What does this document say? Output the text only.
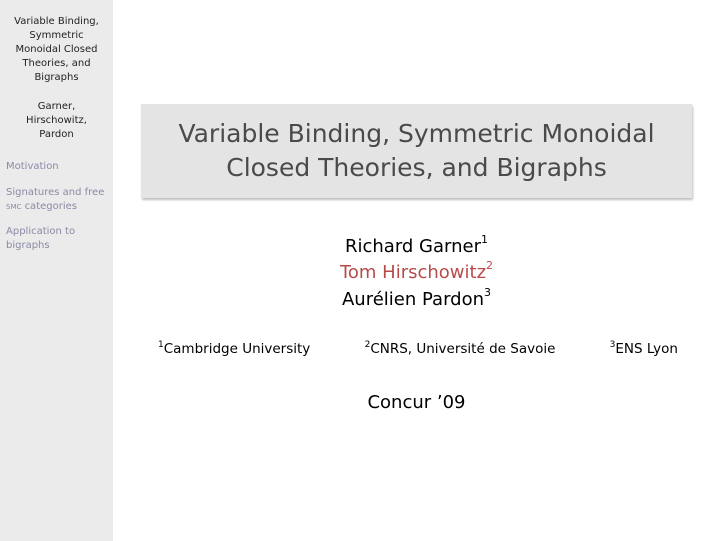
Variable Binding,
Symmetric
Monoidal Closed
Theories, and
Bigraphs
Garner,
Hirschowitz,
Pardon
Motivation
Signatures and free
smc categories
Application to
bigraphs
Variable Binding, Symmetric Monoidal
Closed Theories, and Bigraphs
Richard Garner$^1$
Tom Hirschowitz$^2$
Aurélien Pardon$^3$
$^1$Cambridge University	$^2$CNRS, Université de Savoie	$^3$ENS Lyon
Concur ’09
